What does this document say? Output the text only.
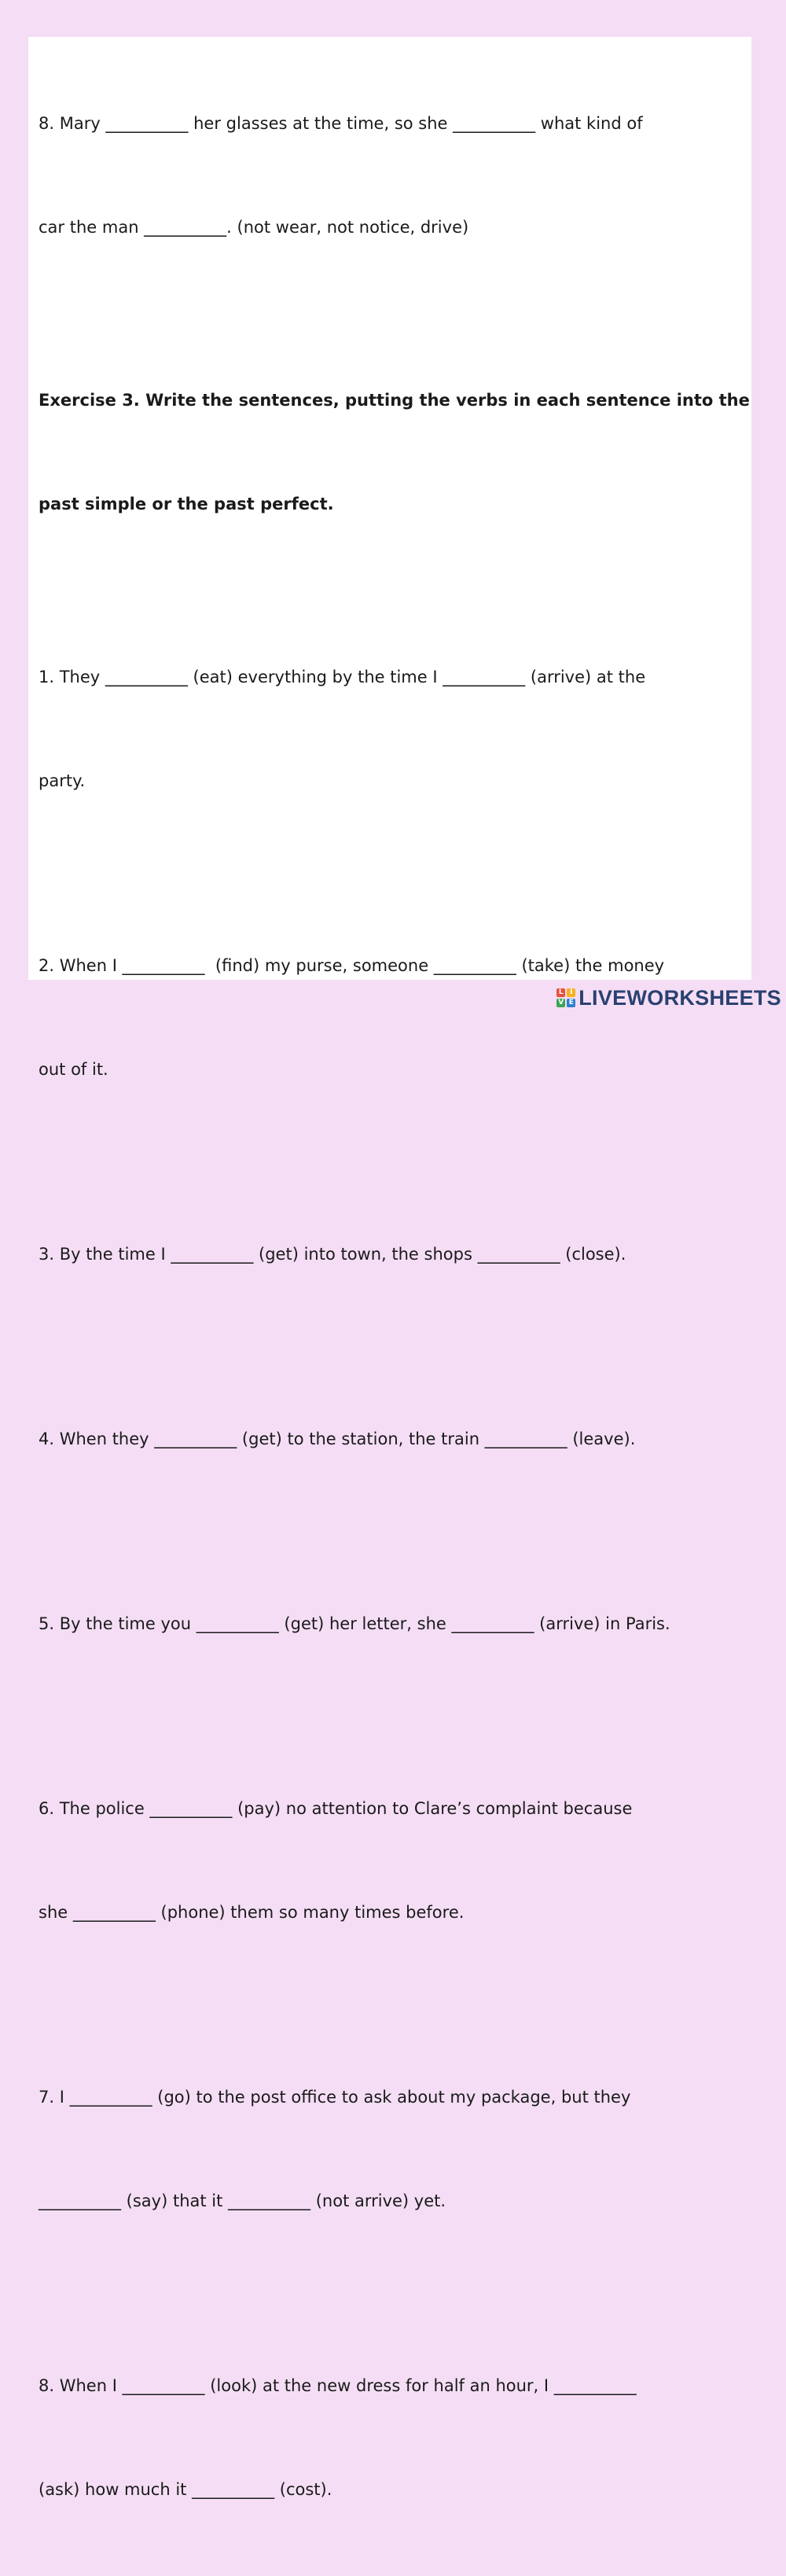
8. Mary __________ her glasses at the time, so she __________ what kind of

car the man __________. (not wear, not notice, drive)

Exercise 3. Write the sentences, putting the verbs in each sentence into the

past simple or the past perfect.

1. They __________ (eat) everything by the time I __________ (arrive) at the

party.

2. When I __________  (find) my purse, someone __________ (take) the money

out of it.

3. By the time I __________ (get) into town, the shops __________ (close).

4. When they __________ (get) to the station, the train __________ (leave).

5. By the time you __________ (get) her letter, she __________ (arrive) in Paris.

6. The police __________ (pay) no attention to Clare’s complaint because

she __________ (phone) them so many times before.

7. I __________ (go) to the post office to ask about my package, but they

__________ (say) that it __________ (not arrive) yet.

8. When I __________ (look) at the new dress for half an hour, I __________

(ask) how much it __________ (cost).

L I
V E LIVEWORKSHEETS
